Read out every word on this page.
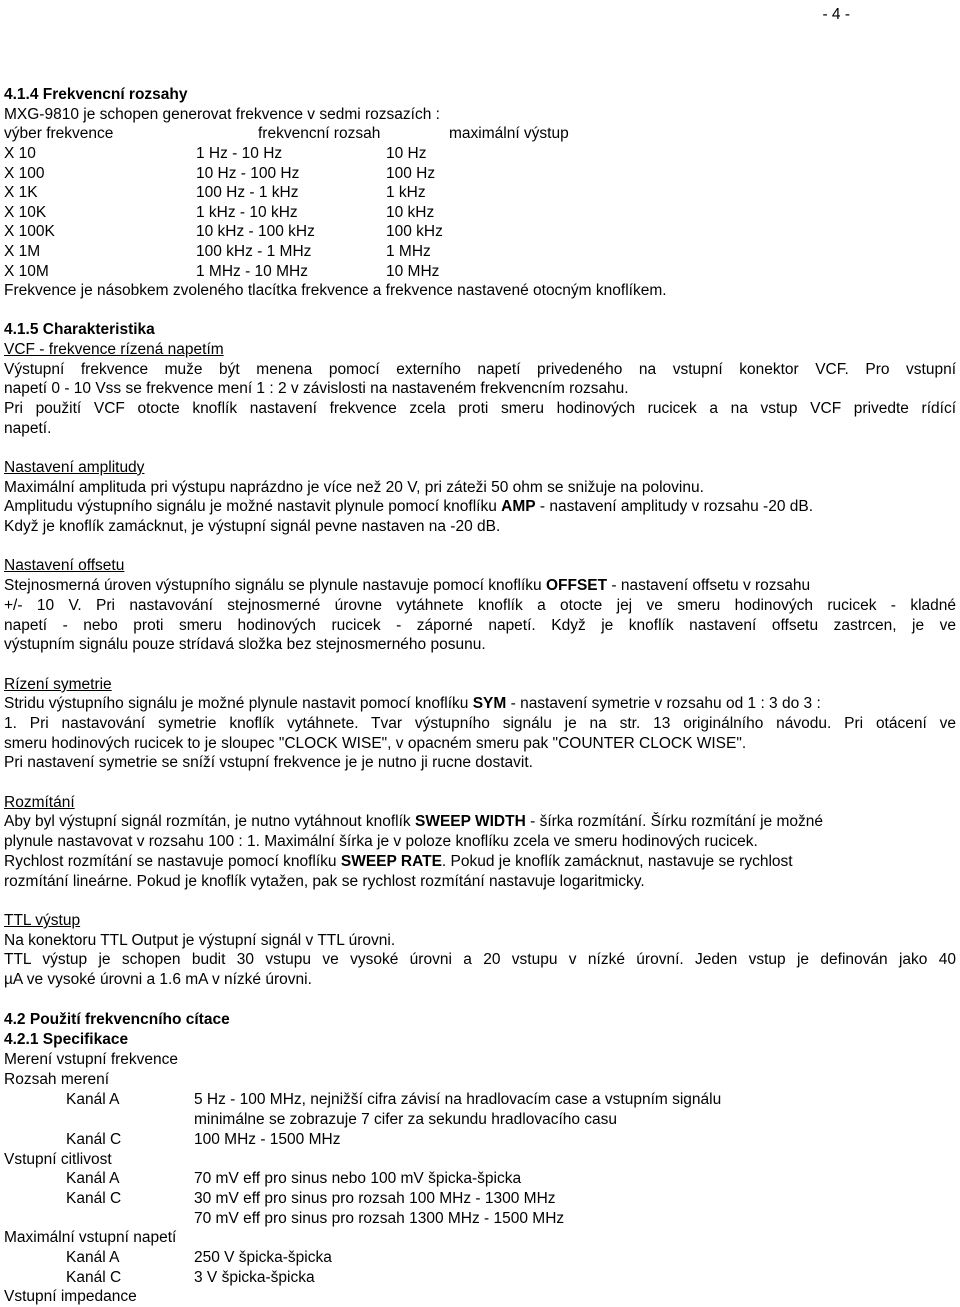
- 4 -
4.1.4 Frekvencní rozsahy
MXG-9810 je schopen generovat frekvence v sedmi rozsazích :
výber frekvence	frekvencní rozsah	maximální výstup
X 10	1 Hz - 10 Hz	10 Hz
X 100	10 Hz - 100 Hz	100 Hz
X 1K	100 Hz - 1 kHz	1 kHz
X 10K	1 kHz - 10 kHz	10 kHz
X 100K	10 kHz - 100 kHz	100 kHz
X 1M	100 kHz - 1 MHz	1 MHz
X 10M	1 MHz - 10 MHz	10 MHz
Frekvence je násobkem zvoleného tlacítka frekvence a frekvence nastavené otocným knoflíkem.
4.1.5 Charakteristika
VCF - frekvence rízená napetím
Výstupní frekvence muže být menena pomocí externího napetí privedeného na vstupní konektor VCF. Pro vstupní
napetí 0 - 10 Vss se frekvence mení 1 : 2 v závislosti na nastaveném frekvencním rozsahu.
Pri použití VCF otocte knoflík nastavení frekvence zcela proti smeru hodinových rucicek a na vstup VCF privedte rídící
napetí.
Nastavení amplitudy
Maximální amplituda pri výstupu naprázdno je více než 20 V, pri záteži 50 ohm se snižuje na polovinu.
Amplitudu výstupního signálu je možné nastavit plynule pomocí knoflíku AMP - nastavení amplitudy v rozsahu -20 dB.
Když je knoflík zamácknut, je výstupní signál pevne nastaven na -20 dB.
Nastavení offsetu
Stejnosmerná úroven výstupního signálu se plynule nastavuje pomocí knoflíku OFFSET - nastavení offsetu v rozsahu
+/- 10 V. Pri nastavování stejnosmerné úrovne vytáhnete knoflík a otocte jej ve smeru hodinových rucicek - kladné
napetí - nebo proti smeru hodinových rucicek - záporné napetí. Když je knoflík nastavení offsetu zastrcen, je ve
výstupním signálu pouze strídavá složka bez stejnosmerného posunu.
Rízení symetrie
Stridu výstupního signálu je možné plynule nastavit pomocí knoflíku SYM - nastavení symetrie v rozsahu od 1 : 3 do 3 :
1. Pri nastavování symetrie knoflík vytáhnete. Tvar výstupního signálu je na str. 13 originálního návodu. Pri otácení ve
smeru hodinových rucicek to je sloupec "CLOCK WISE", v opacném smeru pak "COUNTER CLOCK WISE".
Pri nastavení symetrie se sníží vstupní frekvence je je nutno ji rucne dostavit.
Rozmítání
Aby byl výstupní signál rozmítán, je nutno vytáhnout knoflík SWEEP WIDTH - šírka rozmítání. Šírku rozmítání je možné
plynule nastavovat v rozsahu 100 : 1. Maximální šírka je v poloze knoflíku zcela ve smeru hodinových rucicek.
Rychlost rozmítání se nastavuje pomocí knoflíku SWEEP RATE. Pokud je knoflík zamácknut, nastavuje se rychlost
rozmítání lineárne. Pokud je knoflík vytažen, pak se rychlost rozmítání nastavuje logaritmicky.
TTL výstup
Na konektoru TTL Output je výstupní signál v TTL úrovni.
TTL výstup je schopen budit 30 vstupu ve vysoké úrovni a 20 vstupu v nízké úrovní. Jeden vstup je definován jako 40
µA ve vysoké úrovni a 1.6 mA v nízké úrovni.
4.2 Použití frekvencního cítace
4.2.1 Specifikace
Merení vstupní frekvence
Rozsah merení
Kanál A	5 Hz - 100 MHz, nejnižší cifra závisí na hradlovacím case a vstupním signálu
minimálne se zobrazuje 7 cifer za sekundu hradlovacího casu
Kanál C	100 MHz - 1500 MHz
Vstupní citlivost
Kanál A	70 mV eff pro sinus nebo 100 mV špicka-špicka
Kanál C	30 mV eff pro sinus pro rozsah 100 MHz - 1300 MHz
70 mV eff pro sinus pro rozsah 1300 MHz - 1500 MHz
Maximální vstupní napetí
Kanál A	250 V špicka-špicka
Kanál C	3 V špicka-špicka
Vstupní impedance
